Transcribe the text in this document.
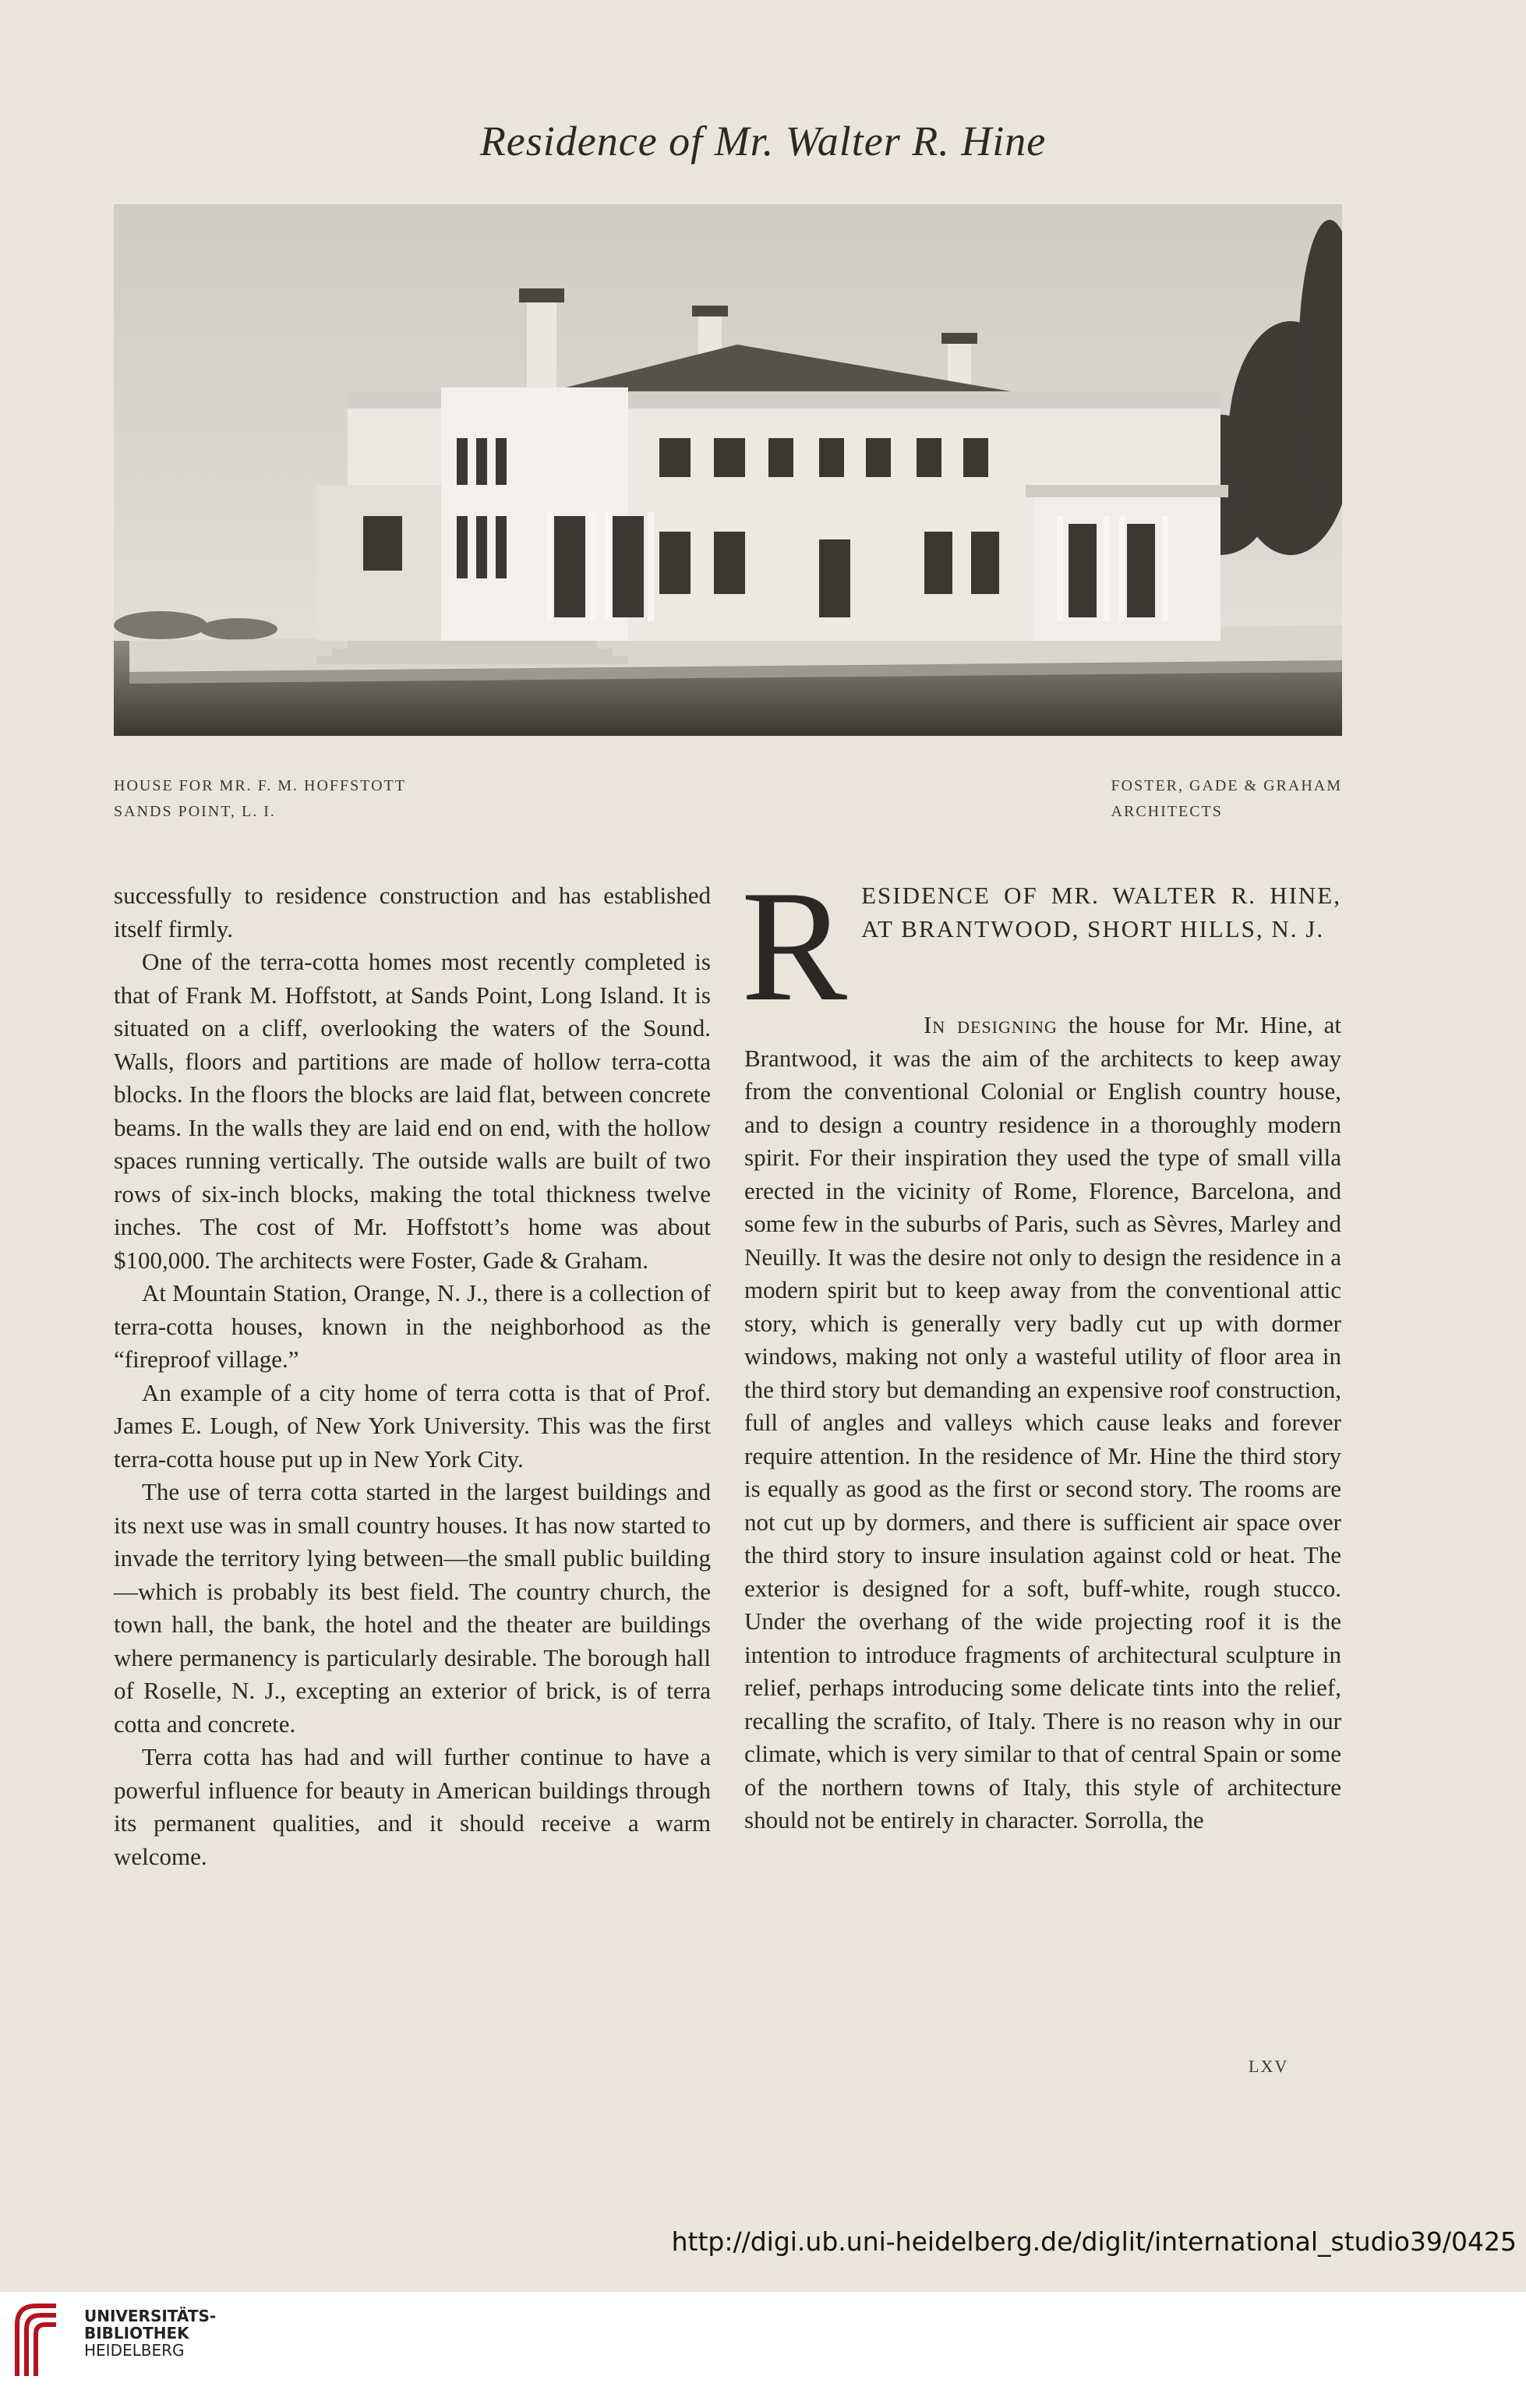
Residence of Mr. Walter R. Hine
HOUSE FOR MR. F. M. HOFFSTOTT
SANDS POINT, L. I.
FOSTER, GADE & GRAHAM
ARCHITECTS

successfully to residence construction and has established itself firmly.

One of the terra-cotta homes most recently completed is that of Frank M. Hoffstott, at Sands Point, Long Island. It is situated on a cliff, overlooking the waters of the Sound. Walls, floors and partitions are made of hollow terra-cotta blocks. In the floors the blocks are laid flat, between concrete beams. In the walls they are laid end on end, with the hollow spaces running vertically. The outside walls are built of two rows of six-inch blocks, making the total thickness twelve inches. The cost of Mr. Hoffstott’s home was about $100,000. The architects were Foster, Gade & Graham.

At Mountain Station, Orange, N. J., there is a collection of terra-cotta houses, known in the neighborhood as the “fireproof village.”

An example of a city home of terra cotta is that of Prof. James E. Lough, of New York University. This was the first terra-cotta house put up in New York City.

The use of terra cotta started in the largest buildings and its next use was in small country houses. It has now started to invade the territory lying between—the small public building—which is probably its best field. The country church, the town hall, the bank, the hotel and the theater are buildings where permanency is particularly desirable. The borough hall of Roselle, N. J., excepting an exterior of brick, is of terra cotta and concrete.

Terra cotta has had and will further continue to have a powerful influence for beauty in American buildings through its permanent qualities, and it should receive a warm welcome.

R ESIDENCE OF MR. WALTER R. HINE, AT BRANTWOOD, SHORT HILLS, N. J.

In designing the house for Mr. Hine, at Brantwood, it was the aim of the architects to keep away from the conventional Colonial or English country house, and to design a country residence in a thoroughly modern spirit. For their inspiration they used the type of small villa erected in the vicinity of Rome, Florence, Barcelona, and some few in the suburbs of Paris, such as Sèvres, Marley and Neuilly. It was the desire not only to design the residence in a modern spirit but to keep away from the conventional attic story, which is generally very badly cut up with dormer windows, making not only a wasteful utility of floor area in the third story but demanding an expensive roof construction, full of angles and valleys which cause leaks and forever require attention. In the residence of Mr. Hine the third story is equally as good as the first or second story. The rooms are not cut up by dormers, and there is sufficient air space over the third story to insure insulation against cold or heat. The exterior is designed for a soft, buff-white, rough stucco. Under the overhang of the wide projecting roof it is the intention to introduce fragments of architectural sculpture in relief, perhaps introducing some delicate tints into the relief, recalling the scrafito, of Italy. There is no reason why in our climate, which is very similar to that of central Spain or some of the northern towns of Italy, this style of architecture should not be entirely in character. Sorrolla, the

LXV
http://digi.ub.uni-heidelberg.de/diglit/international_studio39/0425
UNIVERSITÄTS-
BIBLIOTHEK
HEIDELBERG
